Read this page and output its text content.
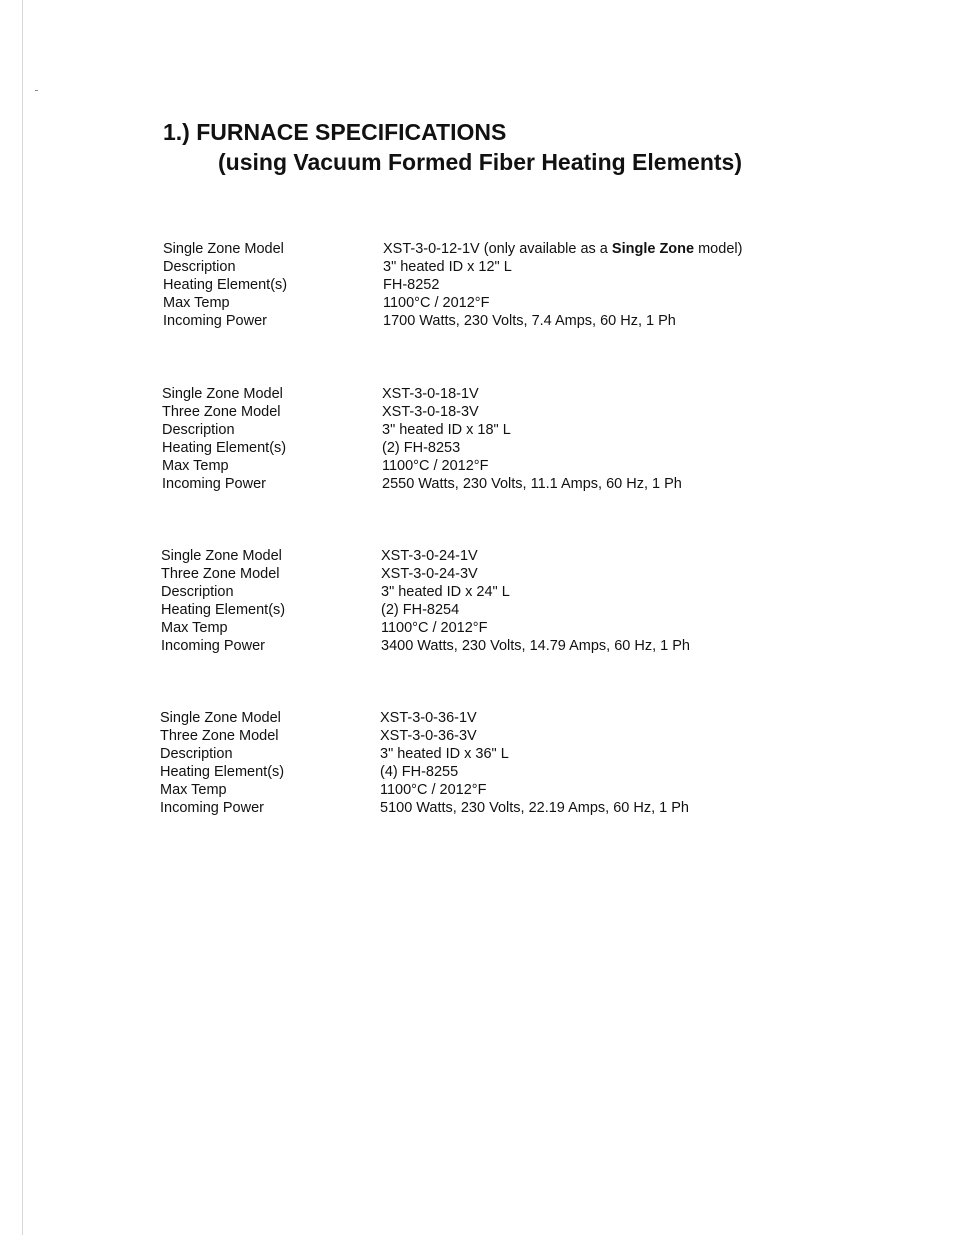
1.) FURNACE SPECIFICATIONS
(using Vacuum Formed Fiber Heating Elements)
Single Zone Model	XST-3-0-12-1V (only available as a Single Zone model)
Description	3" heated ID x 12" L
Heating Element(s)	FH-8252
Max Temp	1100°C / 2012°F
Incoming Power	1700 Watts, 230 Volts, 7.4 Amps, 60 Hz, 1 Ph
Single Zone Model	XST-3-0-18-1V
Three Zone Model	XST-3-0-18-3V
Description	3" heated ID x 18" L
Heating Element(s)	(2) FH-8253
Max Temp	1100°C / 2012°F
Incoming Power	2550 Watts, 230 Volts, 11.1 Amps, 60 Hz, 1 Ph
Single Zone Model	XST-3-0-24-1V
Three Zone Model	XST-3-0-24-3V
Description	3" heated ID x 24" L
Heating Element(s)	(2) FH-8254
Max Temp	1100°C / 2012°F
Incoming Power	3400 Watts, 230 Volts, 14.79 Amps, 60 Hz, 1 Ph
Single Zone Model	XST-3-0-36-1V
Three Zone Model	XST-3-0-36-3V
Description	3" heated ID x 36" L
Heating Element(s)	(4) FH-8255
Max Temp	1100°C / 2012°F
Incoming Power	5100 Watts, 230 Volts, 22.19 Amps, 60 Hz, 1 Ph
